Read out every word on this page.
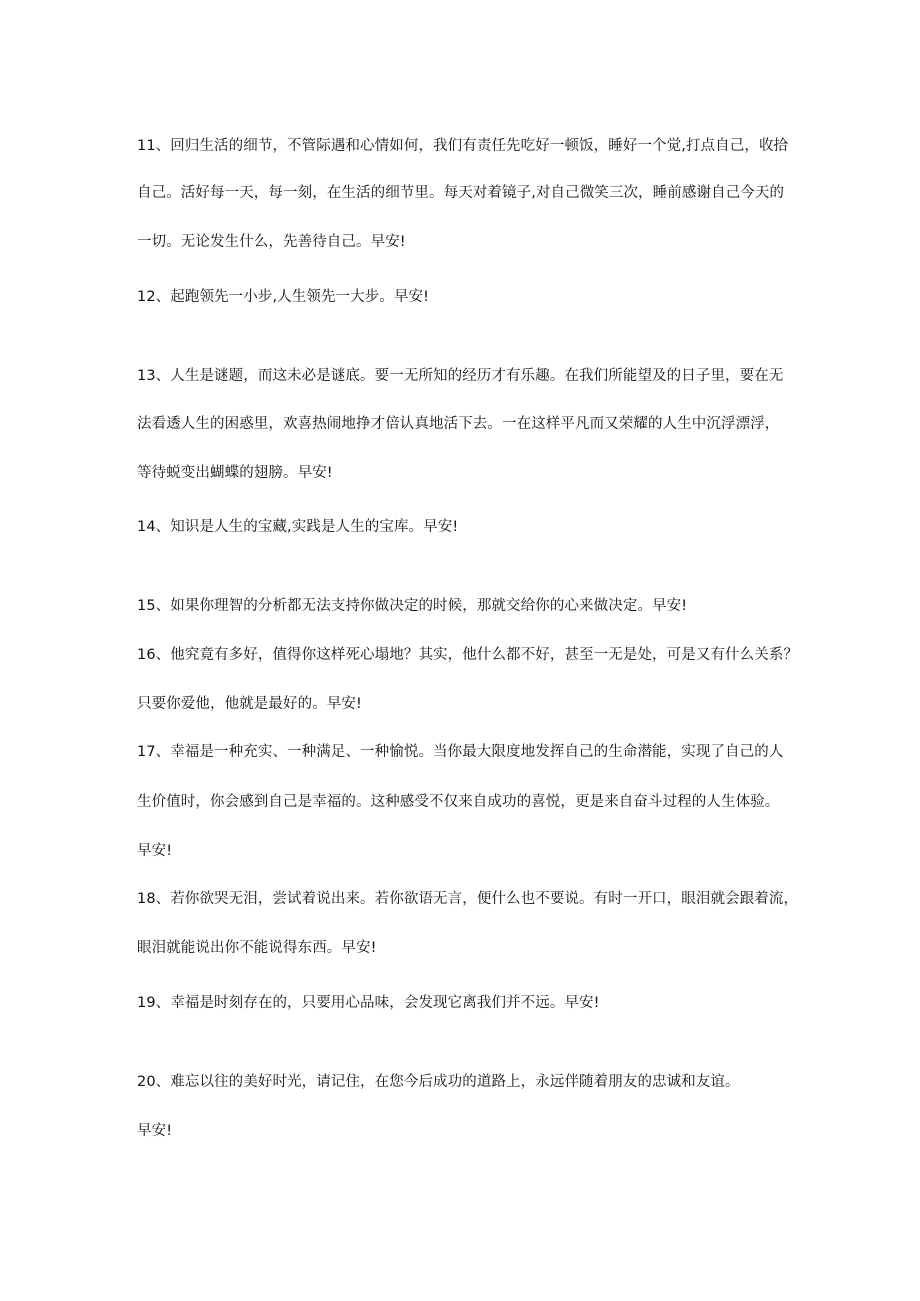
11、回归生活的细节，不管际遇和心情如何，我们有责任先吃好一顿饭，睡好一个觉,打点自己，收拾
自己。活好每一天，每一刻，在生活的细节里。每天对着镜子,对自己微笑三次，睡前感谢自己今天的
一切。无论发生什么，先善待自己。早安!
12、起跑领先一小步,人生领先一大步。早安!
13、人生是谜题，而这未必是谜底。要一无所知的经历才有乐趣。在我们所能望及的日子里，要在无
法看透人生的困惑里，欢喜热闹地挣才倍认真地活下去。一在这样平凡而又荣耀的人生中沉浮漂浮，
等待蜕变出蝴蝶的翅膀。早安!
14、知识是人生的宝藏,实践是人生的宝库。早安!
15、如果你理智的分析都无法支持你做决定的时候，那就交给你的心来做决定。早安!
16、他究竟有多好，值得你这样死心塌地？其实，他什么都不好，甚至一无是处，可是又有什么关系？
只要你爱他，他就是最好的。早安!
17、幸福是一种充实、一种满足、一种愉悦。当你最大限度地发挥自己的生命潜能，实现了自己的人
生价值时，你会感到自己是幸福的。这种感受不仅来自成功的喜悦，更是来自奋斗过程的人生体验。
早安!
18、若你欲哭无泪，尝试着说出来。若你欲语无言，便什么也不要说。有时一开口，眼泪就会跟着流，
眼泪就能说出你不能说得东西。早安!
19、幸福是时刻存在的，只要用心品味，会发现它离我们并不远。早安!
20、难忘以往的美好时光，请记住，在您今后成功的道路上，永远伴随着朋友的忠诚和友谊。
早安!
